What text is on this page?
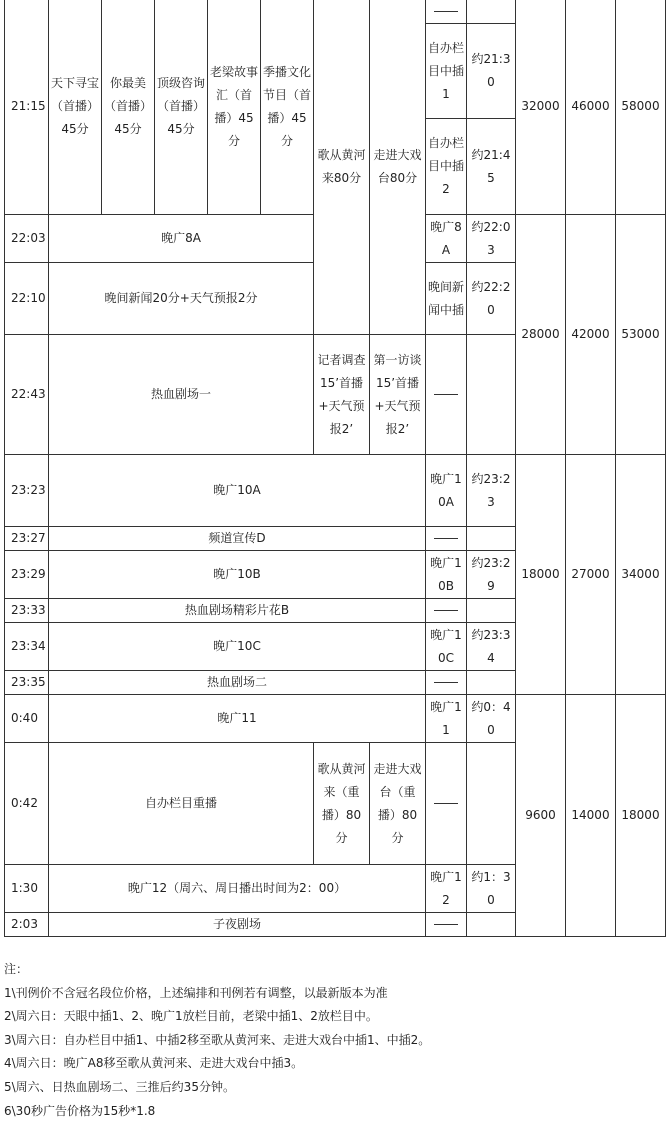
21:15	天下寻宝（首播）45分	你最美（首播）45分	顶级咨询（首播）45分	老梁故事汇（首播）45分	季播文化节目（首播）45分	歌从黄河来80分	走进大戏台80分			32000	46000	58000
								自办栏目中插1	约21:30			
								自办栏目中插2	约21:45			
22:03	晚广8A							晚广8A	约22:03	28000	42000	53000
22:10	晚间新闻20分+天气预报2分							晚间新闻中插	约22:20			
22:43	热血剧场一					记者调查15’首播+天气预报2’	第一访谈15’首播+天气预报2’					
23:23	晚广10A							晚广10A	约23:23	18000	27000	34000
23:27	频道宣传D											
23:29	晚广10B							晚广10B	约23:29			
23:33	热血剧场精彩片花B											
23:34	晚广10C							晚广10C	约23:34			
23:35	热血剧场二											
0:40	晚广11							晚广11	约0：40	9600	14000	18000
0:42	自办栏目重播					歌从黄河来（重播）80分	走进大戏台（重播）80分					
1:30	晚广12（周六、周日播出时间为2：00）							晚广12	约1：30			
2:03	子夜剧场											
注：
1\刊例价不含冠名段位价格，上述编排和刊例若有调整，以最新版本为准
2\周六日：天眼中插1、2、晚广1放栏目前，老梁中插1、2放栏目中。
3\周六日：自办栏目中插1、中插2移至歌从黄河来、走进大戏台中插1、中插2。
4\周六日：晚广A8移至歌从黄河来、走进大戏台中插3。
5\周六、日热血剧场二、三推后约35分钟。
6\30秒广告价格为15秒*1.8
